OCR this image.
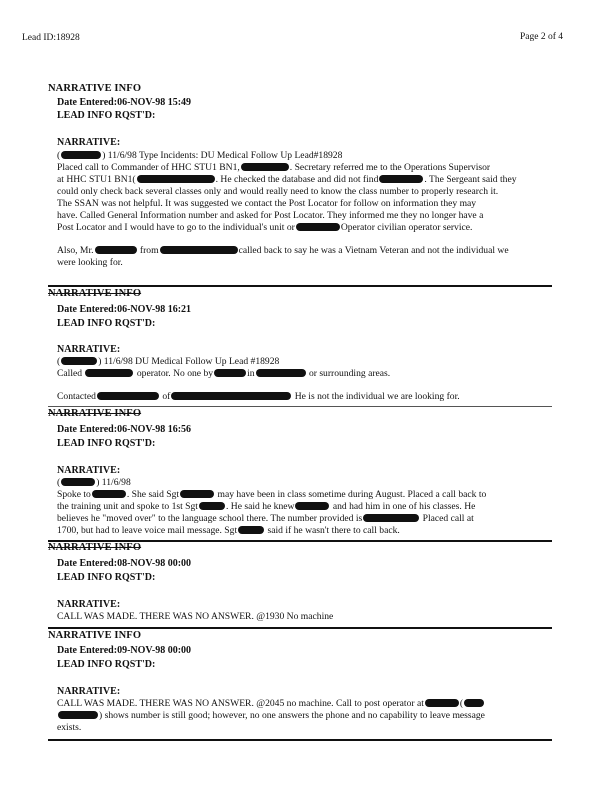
Lead ID:18928	Page 2 of 4
NARRATIVE INFO
Date Entered:06-NOV-98 15:49
LEAD INFO RQST'D:
NARRATIVE:
(	) 11/6/98 Type Incidents: DU Medical Follow Up Lead#18928
Placed call to Commander of HHC STU1 BN1,	. Secretary referred me to the Operations Supervisor
at HHC STU1 BN1(	. He checked the database and did not find	. The Sergeant said they
could only check back several classes only and would really need to know the class number to properly research it.
The SSAN was not helpful. It was suggested we contact the Post Locator for follow on information they may
have. Called General Information number and asked for Post Locator. They informed me they no longer have a
Post Locator and I would have to go to the individual's unit or	Operator civilian operator service.
Also, Mr.	from	called back to say he was a Vietnam Veteran and not the individual we
were looking for.
NARRATIVE INFO
Date Entered:06-NOV-98 16:21
LEAD INFO RQST'D:
NARRATIVE:
(	) 11/6/98 DU Medical Follow Up Lead #18928
Called	operator. No one by	in	or surrounding areas.
Contacted	of	He is not the individual we are looking for.
NARRATIVE INFO
Date Entered:06-NOV-98 16:56
LEAD INFO RQST'D:
NARRATIVE:
(	) 11/6/98
Spoke to	. She said Sgt	may have been in class sometime during August. Placed a call back to
the training unit and spoke to 1st Sgt	. He said he knew	and had him in one of his classes. He
believes he "moved over" to the language school there. The number provided is	Placed call at
1700, but had to leave voice mail message. Sgt	said if he wasn't there to call back.
NARRATIVE INFO
Date Entered:08-NOV-98 00:00
LEAD INFO RQST'D:
NARRATIVE:
CALL WAS MADE. THERE WAS NO ANSWER. @1930 No machine
NARRATIVE INFO
Date Entered:09-NOV-98 00:00
LEAD INFO RQST'D:
NARRATIVE:
CALL WAS MADE. THERE WAS NO ANSWER. @2045 no machine. Call to post operator at	(
) shows number is still good; however, no one answers the phone and no capability to leave message
exists.
